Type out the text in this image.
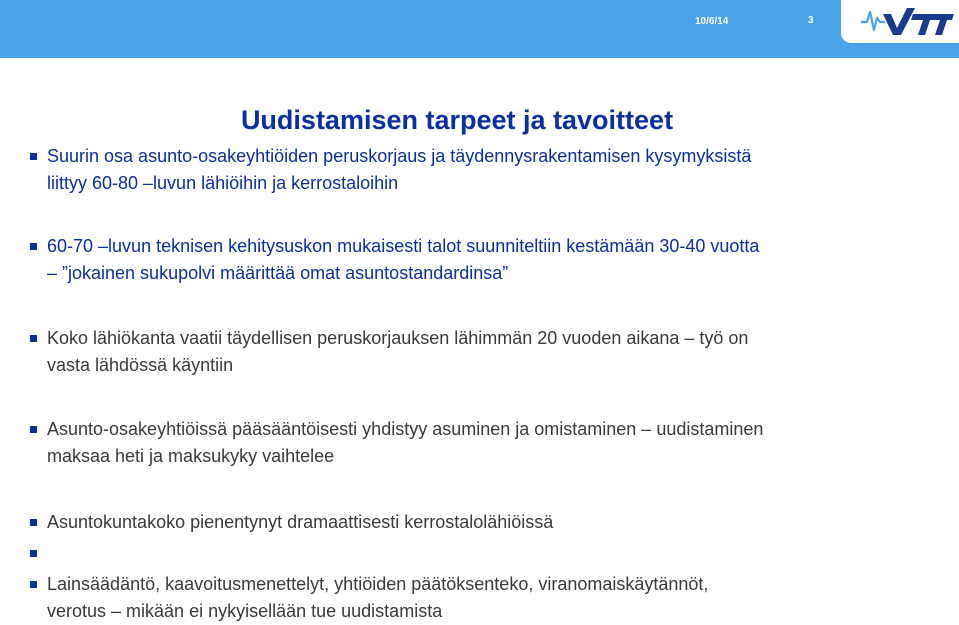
10/6/14	3
Uudistamisen tarpeet ja tavoitteet
Suurin osa asunto-osakeyhtiöiden peruskorjaus ja täydennysrakentamisen kysymyksistä
liittyy 60-80 –luvun lähiöihin ja kerrostaloihin
60-70 –luvun teknisen kehitysuskon mukaisesti talot suunniteltiin kestämään 30-40 vuotta
– ”jokainen sukupolvi määrittää omat asuntostandardinsa”
Koko lähiökanta vaatii täydellisen peruskorjauksen lähimmän 20 vuoden aikana – työ on
vasta lähdössä käyntiin
Asunto-osakeyhtiöissä pääsääntöisesti yhdistyy asuminen ja omistaminen – uudistaminen
maksaa heti ja maksukyky vaihtelee
Asuntokuntakoko pienentynyt dramaattisesti kerrostalolähiöissä

Lainsäädäntö, kaavoitusmenettelyt, yhtiöiden päätöksenteko, viranomaiskäytännöt,
verotus – mikään ei nykyisellään tue uudistamista
